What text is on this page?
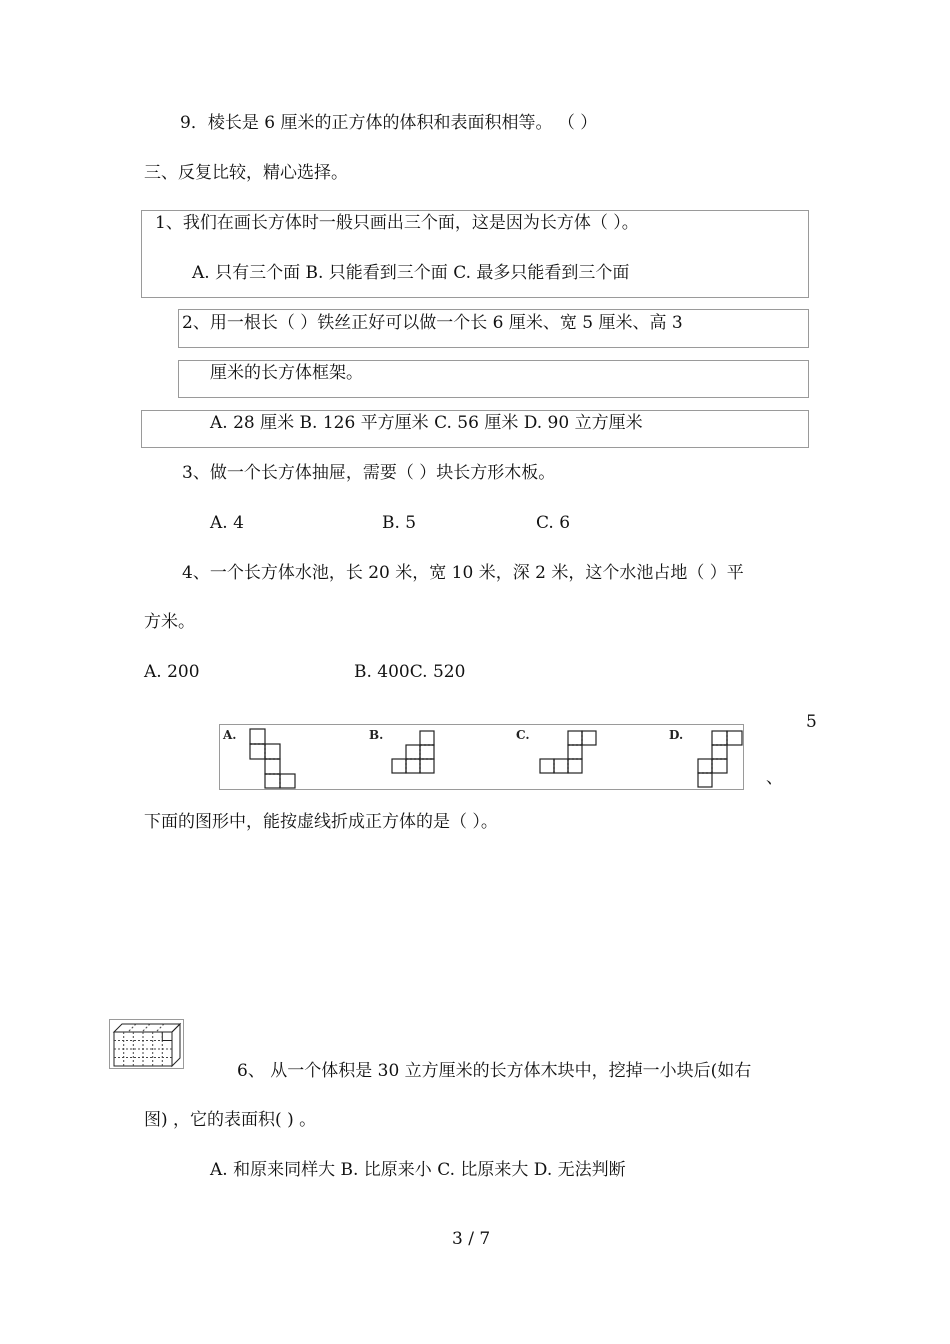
9．棱长是 6 厘米的正方体的体积和表面积相等。 （ ）
三、反复比较，精心选择。
1、我们在画长方体时一般只画出三个面，这是因为长方体（ ）。
A. 只有三个面 B. 只能看到三个面 C. 最多只能看到三个面
2、用一根长（ ）铁丝正好可以做一个长 6 厘米、宽 5 厘米、高 3
厘米的长方体框架。
A. 28 厘米 B. 126 平方厘米 C. 56 厘米 D. 90 立方厘米
3、做一个长方体抽屉，需要（ ）块长方形木板。
A. 4	B. 5	C. 6
4、一个长方体水池，长 20 米，宽 10 米，深 2 米，这个水池占地（ ）平
方米。
A. 200	B. 400C. 520
5
、
A.	B.	C.	D.
下面的图形中，能按虚线折成正方体的是（ ）。
6、 从一个体积是 30 立方厘米的长方体木块中，挖掉一小块后(如右
图) ，它的表面积( ) 。
A. 和原来同样大 B. 比原来小 C. 比原来大 D. 无法判断
3 / 7
